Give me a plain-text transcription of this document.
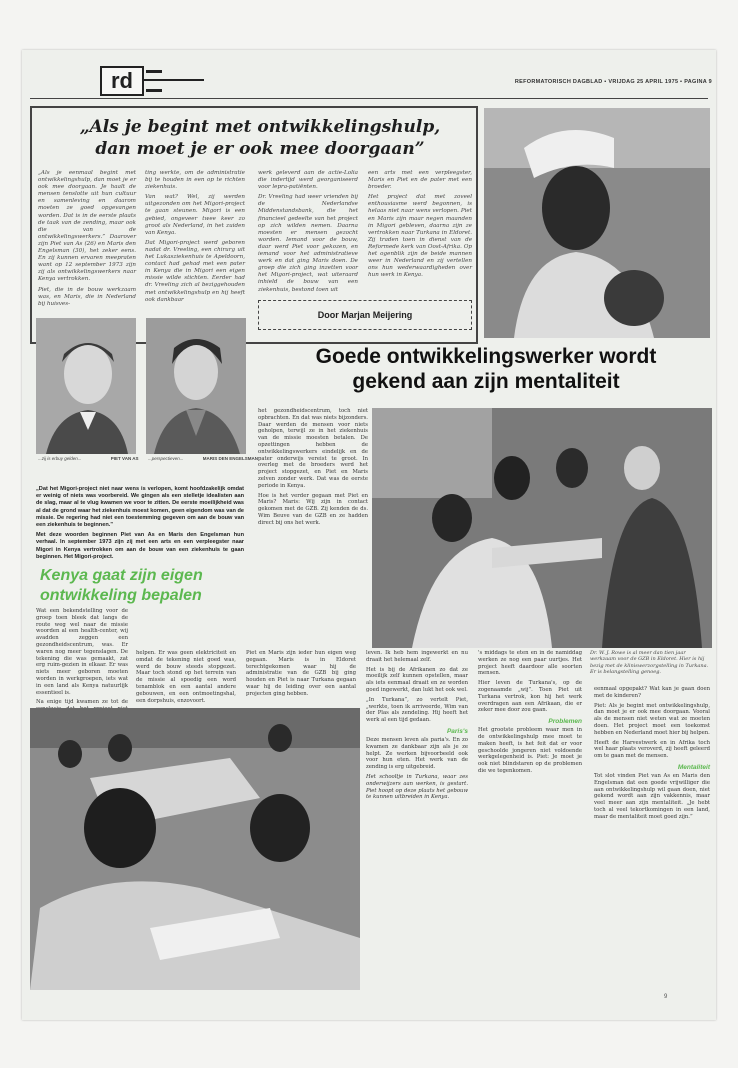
rd	REFORMATORISCH DAGBLAD ▪ VRIJDAG 25 APRIL 1975 ▪ PAGINA 9
„Als je begint met ontwikkelingshulp,
dan moet je er ook mee doorgaan”

„Als je eenmaal begint met ontwikkelingshulp, dan moet je er ook mee doorgaan. Je haalt de mensen tenslotte uit hun cultuur en samenleving en daarom moeten ze goed opgevangen worden. Dat is in de eerste plaats de taak van de zending, maar ook die van de ontwikkelingswerkers.” Daarover zijn Piet van As (26) en Maris den Engelsman (30), het zeker eens. En zij kunnen ervaren meepraten want op 12 september 1973 zijn zij als ontwikkelingswerkers naar Kenya vertrokken.

Piet, die in de bouw werkzaam was, en Maris, die in Nederland bij huisves-

ting werkte, om de administratie bij te houden in een op te richten ziekenhuis.

Van wat? Wel, zij werden uitgezonden om het Migori-project te gaan steunen. Migori is een gebied, ongeveer twee keer zo groot als Nederland, in het zuiden van Kenya.

Dat Migori-project werd geboren nadat dr. Vreeling, een chirurg uit het Lukasziekenhuis te Apeldoorn, contact had gehad met een pater in Kenya die in Migori een eigen missie wilde stichten. Eerder had dr. Vreeling zich al beziggehouden met ontwikkelingshulp en hij heeft ook dankbaar

werk geleverd aan de actie-Lolia die indertijd werd georganiseerd voor lepra-patiënten.

Dr. Vreeling had weer vrienden bij de Nederlandse Middenstandsbank, die het financieel gedeelte van het project op zich wilden nemen. Daarna moesten er mensen gezocht worden. Iemand voor de bouw, daar werd Piet voor gekozen, en iemand voor het administratieve werk en dat ging Maris doen. De groep die zich ging inzetten voor het Migori-project, wat uiteraard inhield de bouw van een ziekenhuis, bestond toen uit

een arts met een verpleegster, Maris en Piet en de pater met een broeder.

Het project dat met zoveel enthousiasme werd begonnen, is helaas niet naar wens verlopen. Piet en Maris zijn maar negen maanden in Migori gebleven, daarna zijn ze vertrokken naar Turkana in Eldoret. Zij traden toen in dienst van de Reformede kerk van Oost-Afrika. Op het ogenblik zijn de beide mannen weer in Nederland en zij vertellen ons hun wederwaardigheden over hun werk in Kenya.

Door Marjan Meijering
...zij is erbuy gelden...	PIET VAN AS ...perspectieven...	MARIS DEN ENGELSMAN
Goede ontwikkelingswerker wordt
gekend aan zijn mentaliteit

het gezondheidscentrum, toch niet opbrachten. En dat was niets bijzonders. Daar werden de mensen voor niets geholpen, terwijl ze in het ziekenhuis van de missie moesten betalen. De opzettingen hebben de ontwikkelingswerkers eindelijk en de pater onderwijs vereist te groot. In overleg met de broeders werd het project stopgezet, en Piet en Maris zelven zonder werk. Dat was de eerste periode in Kenya.

Hoe is het verder gegaan met Piet en Maris? Maris: Wij zijn in contact gekomen met de GZB. Zij kenden de ds. Wim Beuve van de GZB en ze hadden direct bij ons het werk.

Dr. W. J. Rowe is al meer dan tien jaar werkzaam voor de GZB in Eldoret. Hier is hij bezig met de kliniswerzorgstelling in Turkana. Er is belangstelling genoeg.

„Dat het Migori-project niet naar wens is verlopen, komt hoofdzakelijk omdat er weinig of niets was voorbereid. We gingen als een stelletje idealisten aan de slag, maar al te vlug kwamen we voor te zitten. De eerste moeilijkheid was al dat de grond waar het ziekenhuis moest komen, geen eigendom was van de missie. De regering had niet een toestemming gegeven om aan de bouw van een ziekenhuis te beginnen.”

Met deze woorden beginnen Piet van As en Maris den Engelsman hun verhaal. In september 1973 zijn zij met een arts en een verpleegster naar Migori in Kenya vertrokken om aan de bouw van een ziekenhuis te gaan beginnen. Het Migori-project.

Kenya gaat zijn eigen
ontwikkeling bepalen

Wat een bekendstelling voor de groep toen bleek dat langs de route weg wel naar de missie woorden al een health-center, wij avadden zeggen een gezondheidscentrum, was. Er waren nog meer tegenslagen. De tekening die was gemaakt, zat erg ruim-gezien in elkaar. Er was niets meer geboren moeten worden in werkgroepen, iets wat in een land als Kenya natuurlijk essentieel is.

Na enige tijd kwamen ze tot de

helpen. Er was geen elektriciteit en omdat de tekening niet goed was, werd de bouw steeds stopgezet. Maar toch stond op het terrein van de missie al spoedig een word tenamblok en een aantal andere gebouwen, en een ontmoetingshal, een dorpshuis, enzovoort.

Piet en Maris zijn ieder hun eigen weg gegaan. Maris is in Eldoret terechtgekomen waar hij de administratie van de GZB bij ging houden en Piet is naar Turkana gegaan waar hij de leiding over een aantal projecten ging hebben.

leven. Ik heb hem ingewerkt en nu draait het helemaal zelf.

Het is bij de Afrikanen zo dat ze moeilijk zelf kunnen opstellen, maar als iets eenmaal draait en ze worden goed ingewerkt, dan lukt het ook wel.

„In Turkana”, zo vertelt Piet, „werkte, toen ik arriveerde, Wim van der Plas als zendeling. Hij heeft het werk al een tijd gedaan.

Paris's

Deze mensen leven als paria's. En zo kwamen ze dankbaar zijn als je ze helpt. Ze werken bijvoorbeeld ook voor hun eten. Het werk van de zending is erg uitgebreid.

Het schooltje in Turkana, waar zes onderwijzers aan werken, is gestart. Piet hoopt op deze plaats het gebouw te kunnen uitbreiden in Kenya.

's middags te eten en in de namiddag werken ze nog een paar uurtjes. Het project heeft daardoor alle soorten mensen.

Hier leven de Turkana's, op de zogenaamde „wij”. Toen Piet uit Turkana vertrok, kon hij het werk overdragen aan een Afrikaan, die er zeker mee door zou gaan.

Problemen

Het grootste probleem waar men in de ontwikkelingshulp mee moet te maken heeft, is het feit dat er voor geschoolde jongeren niet voldoende werkgelegenheid is. Piet: Je moet je ook niet blindstaren op de problemen die we tegenkomen.

eenmaal opgepakt? Wat kan je gaan doen met de kinderen?

Piet: Als je begint met ontwikkelingshulp, dan moet je er ook mee doorgaan. Vooral als de mensen niet weten wat ze moeten doen. Het project moet een toekomst hebben en Nederland moet hier bij helpen.

Heeft de Harvestwerk en in Afrika toch wel haar plaats veroverd, zij heeft geleerd om te gaan met de mensen.

Mentaliteit

Tot slot vinden Piet van As en Maris den Engelsman dat een goede vrijwilliger die aan ontwikkelingshulp wil gaan doen, niet gekend wordt aan zijn vakkennis, maar veel meer aan zijn mentaliteit. „Je hebt toch al veel tekortkomingen in een land, maar de mentaliteit moet goed zijn.”

9
